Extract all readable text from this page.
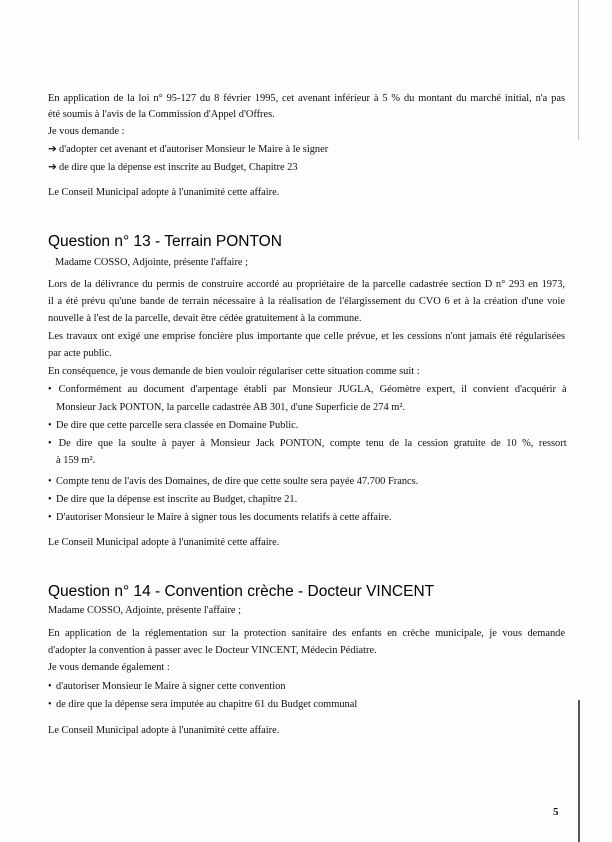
En application de la loi n° 95-127 du 8 février 1995, cet avenant inférieur à 5 % du montant du marché initial, n'a pas
été soumis à l'avis de la Commission d'Appel d'Offres.
Je vous demande :
➔ d'adopter cet avenant et d'autoriser Monsieur le Maire à le signer
➔ de dire que la dépense est inscrite au Budget, Chapitre 23
Le Conseil Municipal adopte à l'unanimité cette affaire.
Question n° 13 - Terrain PONTON
Madame COSSO, Adjointe, présente l'affaire ;
Lors de la délivrance du permis de construire accordé au propriétaire de la parcelle cadastrée section D n° 293 en 1973,
il a été prévu qu'une bande de terrain nécessaire à la réalisation de l'élargissement du CVO 6 et à la création d'une voie
nouvelle à l'est de la parcelle, devait être cédée gratuitement à la commune.
Les travaux ont exigé une emprise foncière plus importante que celle prévue, et les cessions n'ont jamais été régularisées
par acte public.
En conséquence, je vous demande de bien vouloir régulariser cette situation comme suit :
• Conformément au document d'arpentage établi par Monsieur JUGLA, Géomètre expert, il convient d'acquérir à
Monsieur Jack PONTON, la parcelle cadastrée AB 301, d'une Superficie de 274 m².
• De dire que cette parcelle sera classée en Domaine Public.
• De dire que la soulte à payer à Monsieur Jack PONTON, compte tenu de la cession gratuite de 10 %, ressort
à 159 m².
• Compte tenu de l'avis des Domaines, de dire que cette soulte sera payée 47.700 Francs.
• De dire que la dépense est inscrite au Budget, chapitre 21.
• D'autoriser Monsieur le Maire à signer tous les documents relatifs à cette affaire.
Le Conseil Municipal adopte à l'unanimité cette affaire.
Question n° 14 - Convention crèche - Docteur VINCENT
Madame COSSO, Adjointe, présente l'affaire ;
En application de la réglementation sur la protection sanitaire des enfants en crèche municipale, je vous demande
d'adopter la convention à passer avec le Docteur VINCENT, Médecin Pédiatre.
Je vous demande également :
• d'autoriser Monsieur le Maire à signer cette convention
• de dire que la dépense sera imputée au chapitre 61 du Budget communal
Le Conseil Municipal adopte à l'unanimité cette affaire.
5
